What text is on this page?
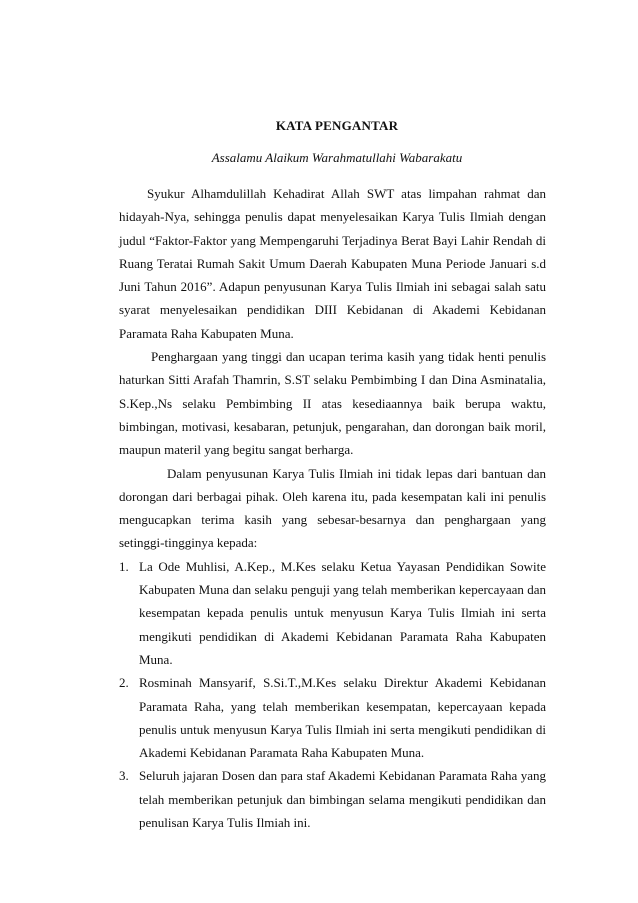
KATA PENGANTAR
Assalamu Alaikum Warahmatullahi Wabarakatu

Syukur Alhamdulillah Kehadirat Allah SWT atas limpahan rahmat dan hidayah-Nya, sehingga penulis dapat menyelesaikan Karya Tulis Ilmiah dengan judul “Faktor-Faktor yang Mempengaruhi Terjadinya Berat Bayi Lahir Rendah di Ruang Teratai Rumah Sakit Umum Daerah Kabupaten Muna Periode Januari s.d Juni Tahun 2016”. Adapun penyusunan Karya Tulis Ilmiah ini sebagai salah satu syarat menyelesaikan pendidikan DIII Kebidanan di Akademi Kebidanan Paramata Raha Kabupaten Muna.

Penghargaan yang tinggi dan ucapan terima kasih yang tidak henti penulis haturkan Sitti Arafah Thamrin, S.ST selaku Pembimbing I dan Dina Asminatalia, S.Kep.,Ns selaku Pembimbing II atas kesediaannya baik berupa waktu, bimbingan, motivasi, kesabaran, petunjuk, pengarahan, dan dorongan baik moril, maupun materil yang begitu sangat berharga.

Dalam penyusunan Karya Tulis Ilmiah ini tidak lepas dari bantuan dan dorongan dari berbagai pihak. Oleh karena itu, pada kesempatan kali ini penulis mengucapkan terima kasih yang sebesar-besarnya dan penghargaan yang setinggi-tingginya kepada:

1. La Ode Muhlisi, A.Kep., M.Kes selaku Ketua Yayasan Pendidikan Sowite Kabupaten Muna dan selaku penguji yang telah memberikan kepercayaan dan kesempatan kepada penulis untuk menyusun Karya Tulis Ilmiah ini serta mengikuti pendidikan di Akademi Kebidanan Paramata Raha Kabupaten Muna.
2. Rosminah Mansyarif, S.Si.T.,M.Kes selaku Direktur Akademi Kebidanan Paramata Raha, yang telah memberikan kesempatan, kepercayaan kepada penulis untuk menyusun Karya Tulis Ilmiah ini serta mengikuti pendidikan di Akademi Kebidanan Paramata Raha Kabupaten Muna.
3. Seluruh jajaran Dosen dan para staf Akademi Kebidanan Paramata Raha yang telah memberikan petunjuk dan bimbingan selama mengikuti pendidikan dan penulisan Karya Tulis Ilmiah ini.
